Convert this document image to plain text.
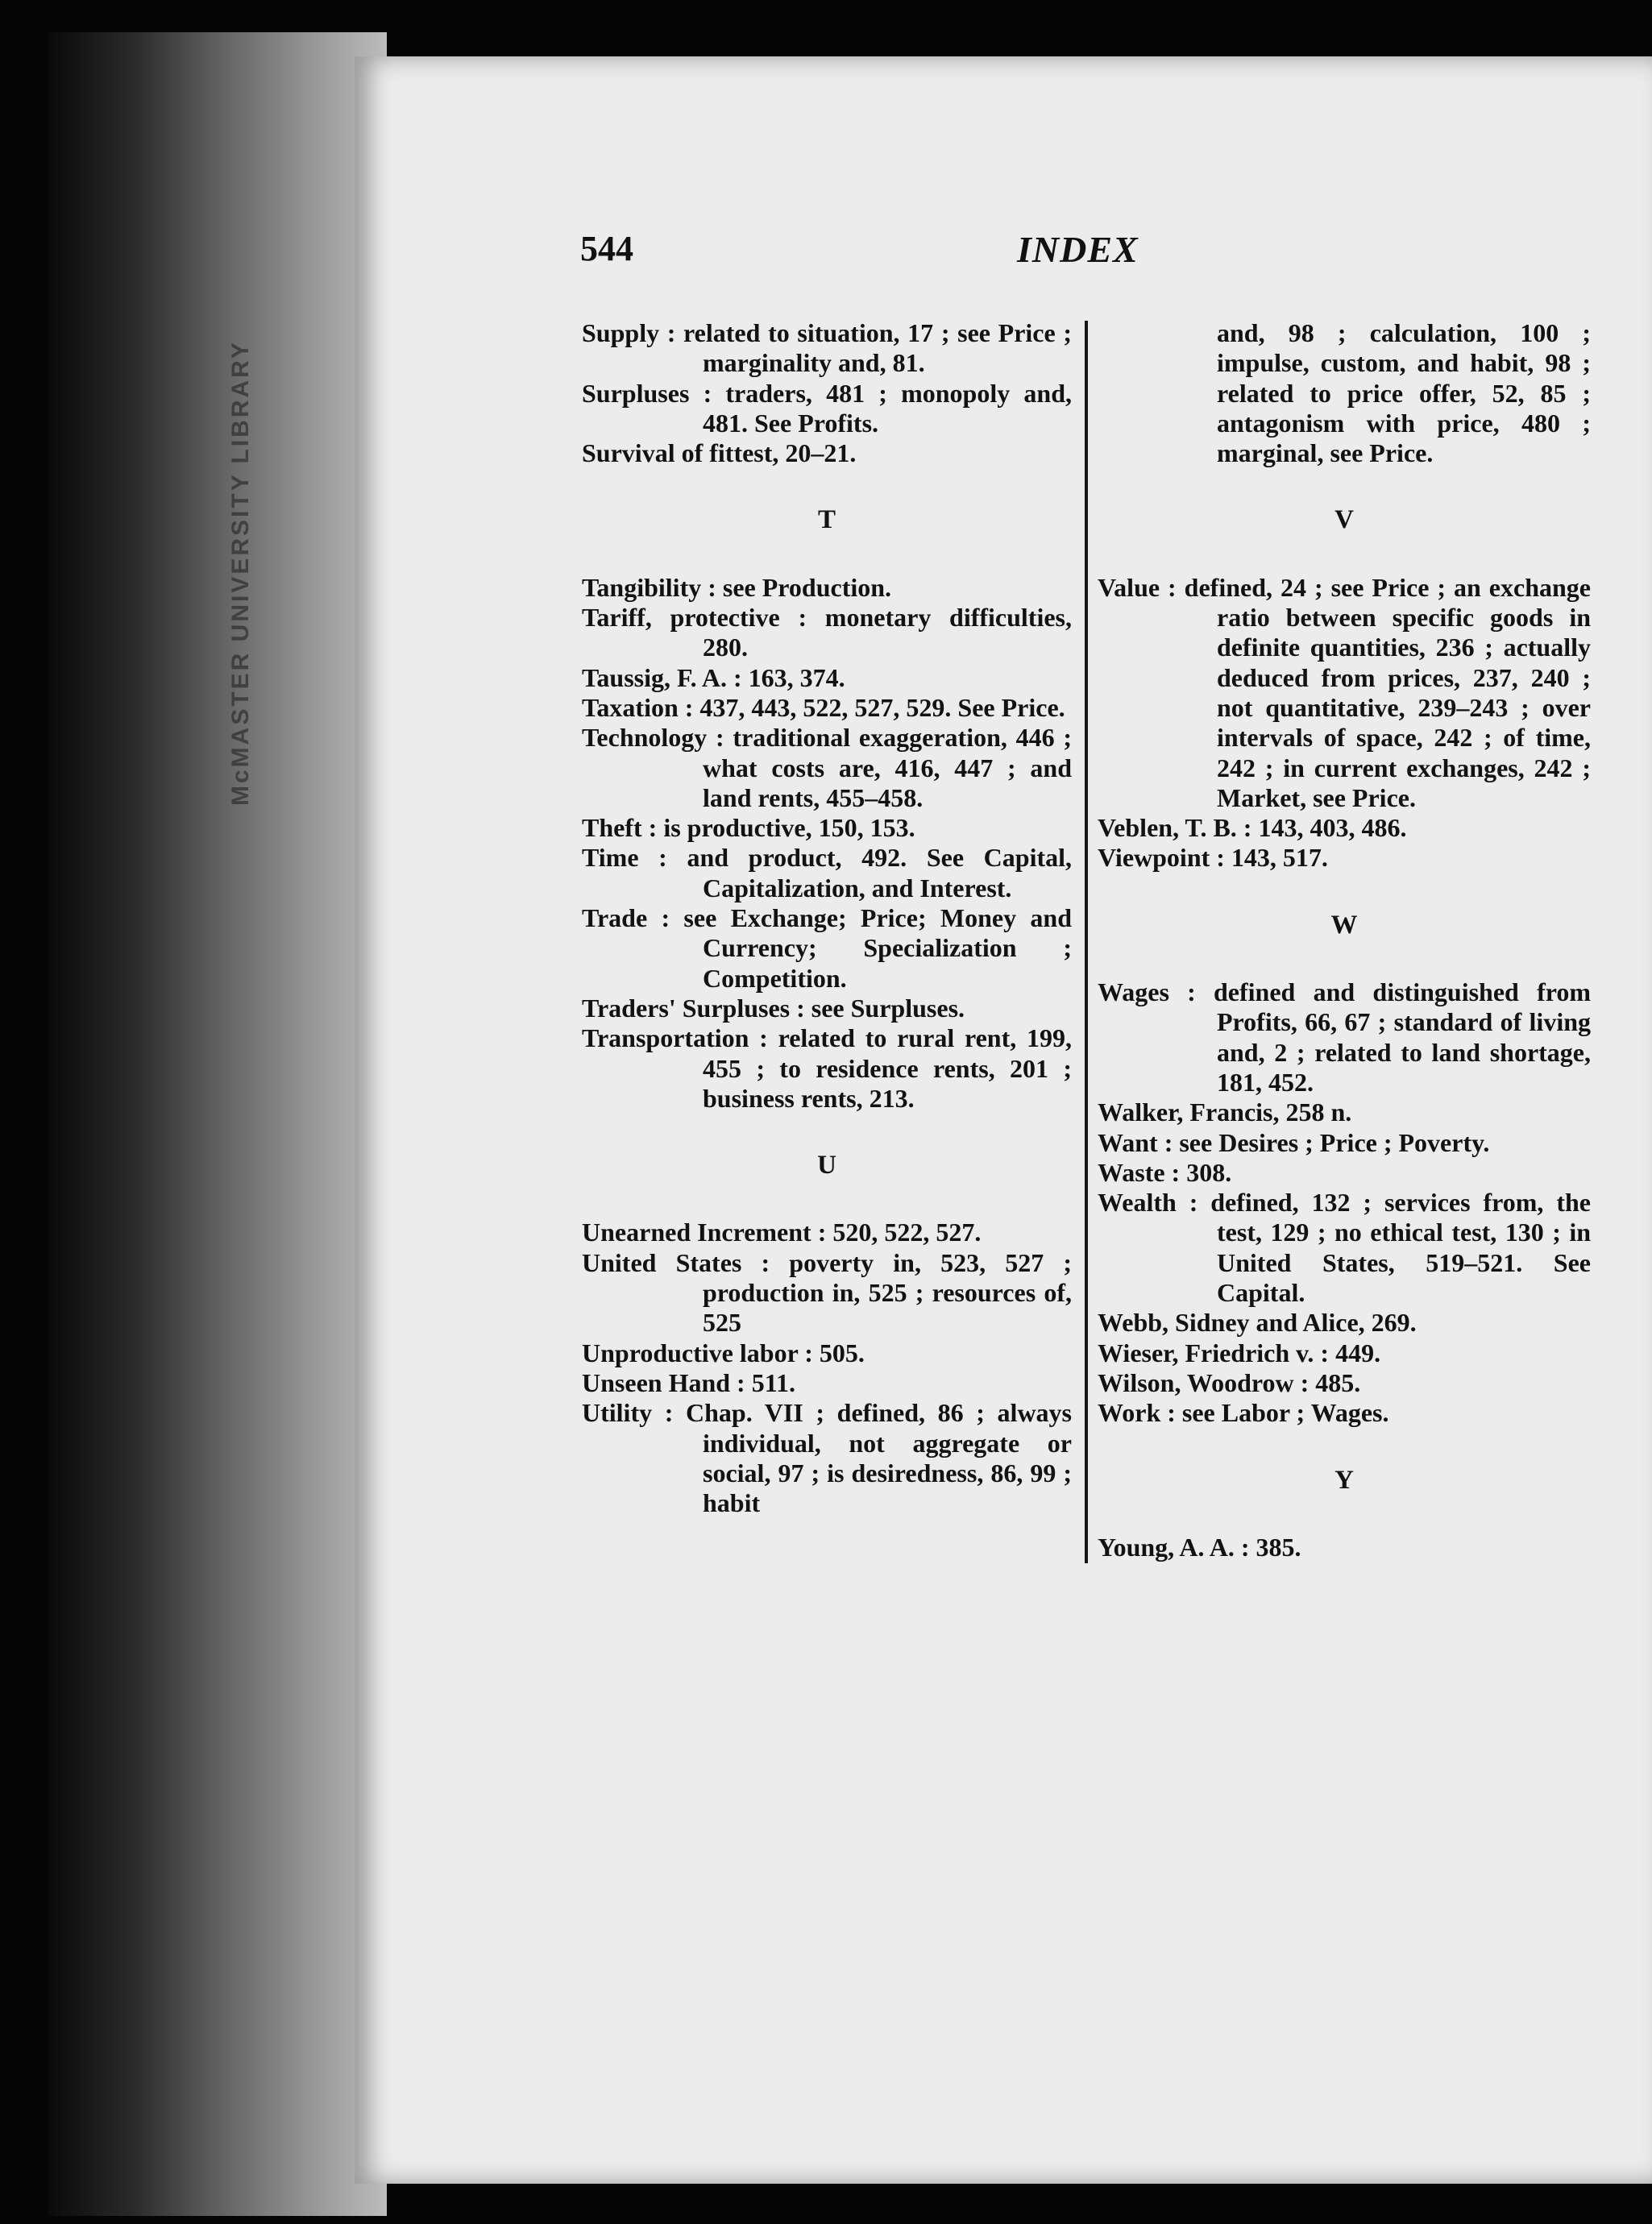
McMASTER UNIVERSITY LIBRARY
544	INDEX
Supply : related to situation, 17 ; see Price ; marginality and, 81.
Surpluses : traders, 481 ; monopoly and, 481. See Profits.
Survival of fittest, 20–21.
T
Tangibility : see Production.
Tariff, protective : monetary difficulties, 280.
Taussig, F. A. : 163, 374.
Taxation : 437, 443, 522, 527, 529. See Price.
Technology : traditional exaggeration, 446 ; what costs are, 416, 447 ; and land rents, 455–458.
Theft : is productive, 150, 153.
Time : and product, 492. See Capital, Capitalization, and Interest.
Trade : see Exchange; Price; Money and Currency; Specialization ; Competition.
Traders' Surpluses : see Surpluses.
Transportation : related to rural rent, 199, 455 ; to residence rents, 201 ; business rents, 213.
U
Unearned Increment : 520, 522, 527.
United States : poverty in, 523, 527 ; production in, 525 ; resources of, 525
Unproductive labor : 505.
Unseen Hand : 511.
Utility : Chap. VII ; defined, 86 ; always individual, not aggregate or social, 97 ; is desiredness, 86, 99 ; habit
and, 98 ; calculation, 100 ; impulse, custom, and habit, 98 ; related to price offer, 52, 85 ; antagonism with price, 480 ; marginal, see Price.
V
Value : defined, 24 ; see Price ; an exchange ratio between specific goods in definite quantities, 236 ; actually deduced from prices, 237, 240 ; not quantitative, 239–243 ; over intervals of space, 242 ; of time, 242 ; in current exchanges, 242 ; Market, see Price.
Veblen, T. B. : 143, 403, 486.
Viewpoint : 143, 517.
W
Wages : defined and distinguished from Profits, 66, 67 ; standard of living and, 2 ; related to land shortage, 181, 452.
Walker, Francis, 258 n.
Want : see Desires ; Price ; Poverty.
Waste : 308.
Wealth : defined, 132 ; services from, the test, 129 ; no ethical test, 130 ; in United States, 519–521. See Capital.
Webb, Sidney and Alice, 269.
Wieser, Friedrich v. : 449.
Wilson, Woodrow : 485.
Work : see Labor ; Wages.
Y
Young, A. A. : 385.
